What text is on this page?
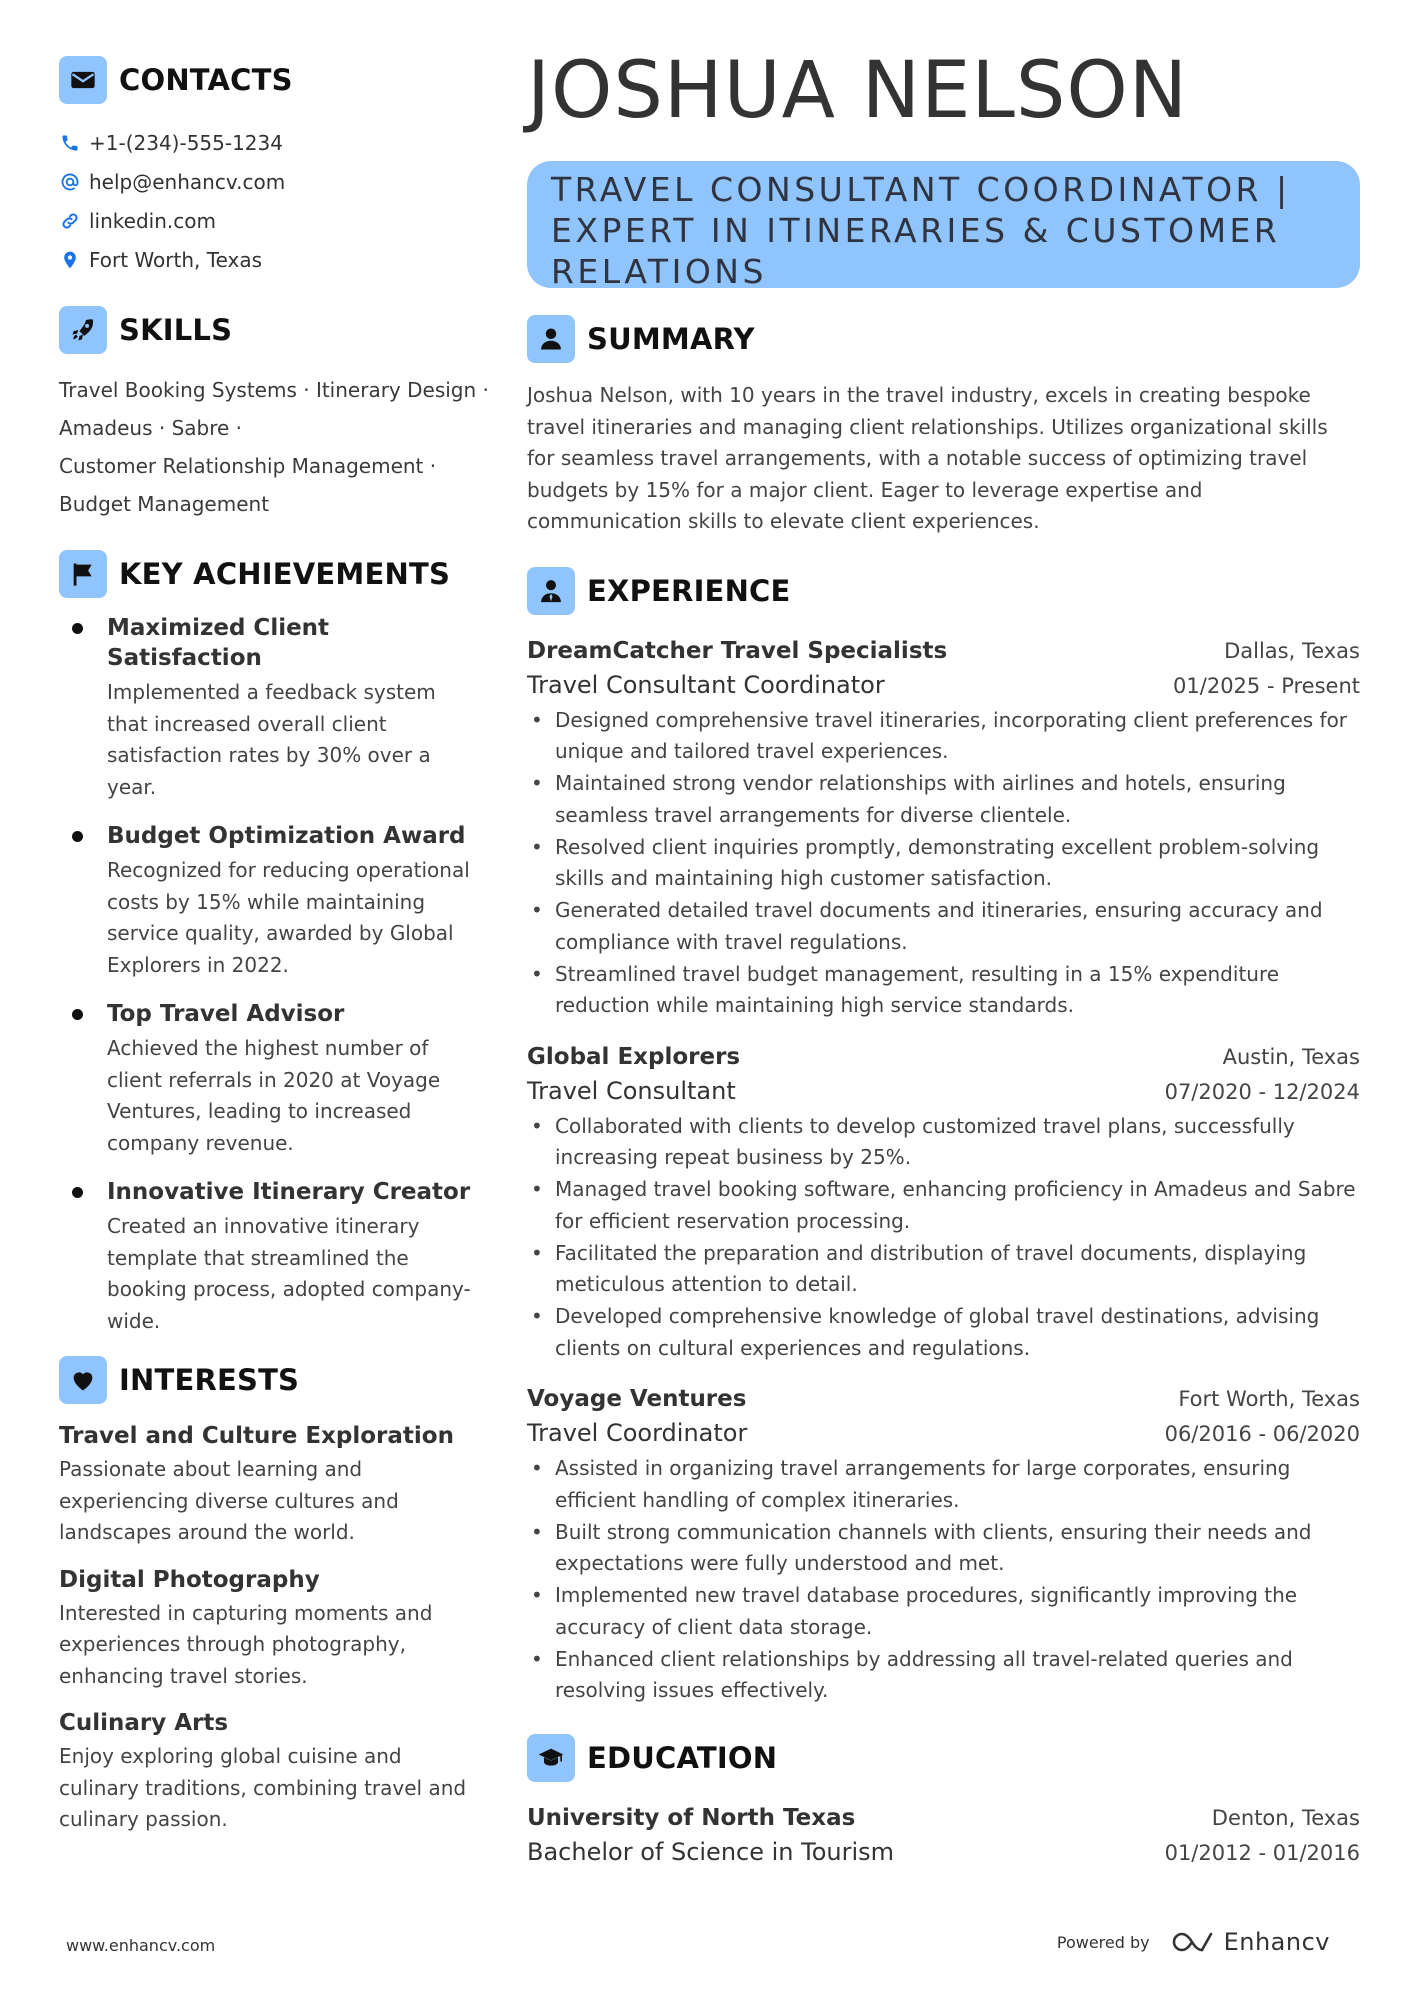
CONTACTS
+1-(234)-555-1234
help@enhancv.com
linkedin.com
Fort Worth, Texas
SKILLS
Travel Booking Systems · Itinerary Design ·
Amadeus · Sabre ·
Customer Relationship Management ·
Budget Management
KEY ACHIEVEMENTS
Maximized Client Satisfaction
Implemented a feedback system that increased overall client satisfaction rates by 30% over a year.
Budget Optimization Award
Recognized for reducing operational costs by 15% while maintaining service quality, awarded by Global Explorers in 2022.
Top Travel Advisor
Achieved the highest number of client referrals in 2020 at Voyage Ventures, leading to increased company revenue.
Innovative Itinerary Creator
Created an innovative itinerary template that streamlined the booking process, adopted company-wide.
INTERESTS
Travel and Culture Exploration
Passionate about learning and experiencing diverse cultures and landscapes around the world.
Digital Photography
Interested in capturing moments and experiences through photography, enhancing travel stories.
Culinary Arts
Enjoy exploring global cuisine and culinary traditions, combining travel and culinary passion.
JOSHUA NELSON
TRAVEL CONSULTANT COORDINATOR | EXPERT IN ITINERARIES & CUSTOMER RELATIONS
SUMMARY
Joshua Nelson, with 10 years in the travel industry, excels in creating bespoke travel itineraries and managing client relationships. Utilizes organizational skills for seamless travel arrangements, with a notable success of optimizing travel budgets by 15% for a major client. Eager to leverage expertise and communication skills to elevate client experiences.
EXPERIENCE
DreamCatcher Travel Specialists	Dallas, Texas
Travel Consultant Coordinator	01/2025 - Present
• Designed comprehensive travel itineraries, incorporating client preferences for unique and tailored travel experiences.
• Maintained strong vendor relationships with airlines and hotels, ensuring seamless travel arrangements for diverse clientele.
• Resolved client inquiries promptly, demonstrating excellent problem-solving skills and maintaining high customer satisfaction.
• Generated detailed travel documents and itineraries, ensuring accuracy and compliance with travel regulations.
• Streamlined travel budget management, resulting in a 15% expenditure reduction while maintaining high service standards.
Global Explorers	Austin, Texas
Travel Consultant	07/2020 - 12/2024
• Collaborated with clients to develop customized travel plans, successfully increasing repeat business by 25%.
• Managed travel booking software, enhancing proficiency in Amadeus and Sabre for efficient reservation processing.
• Facilitated the preparation and distribution of travel documents, displaying meticulous attention to detail.
• Developed comprehensive knowledge of global travel destinations, advising clients on cultural experiences and regulations.
Voyage Ventures	Fort Worth, Texas
Travel Coordinator	06/2016 - 06/2020
• Assisted in organizing travel arrangements for large corporates, ensuring efficient handling of complex itineraries.
• Built strong communication channels with clients, ensuring their needs and expectations were fully understood and met.
• Implemented new travel database procedures, significantly improving the accuracy of client data storage.
• Enhanced client relationships by addressing all travel-related queries and resolving issues effectively.
EDUCATION
University of North Texas	Denton, Texas
Bachelor of Science in Tourism	01/2012 - 01/2016
www.enhancv.com	Powered by	Enhancv
